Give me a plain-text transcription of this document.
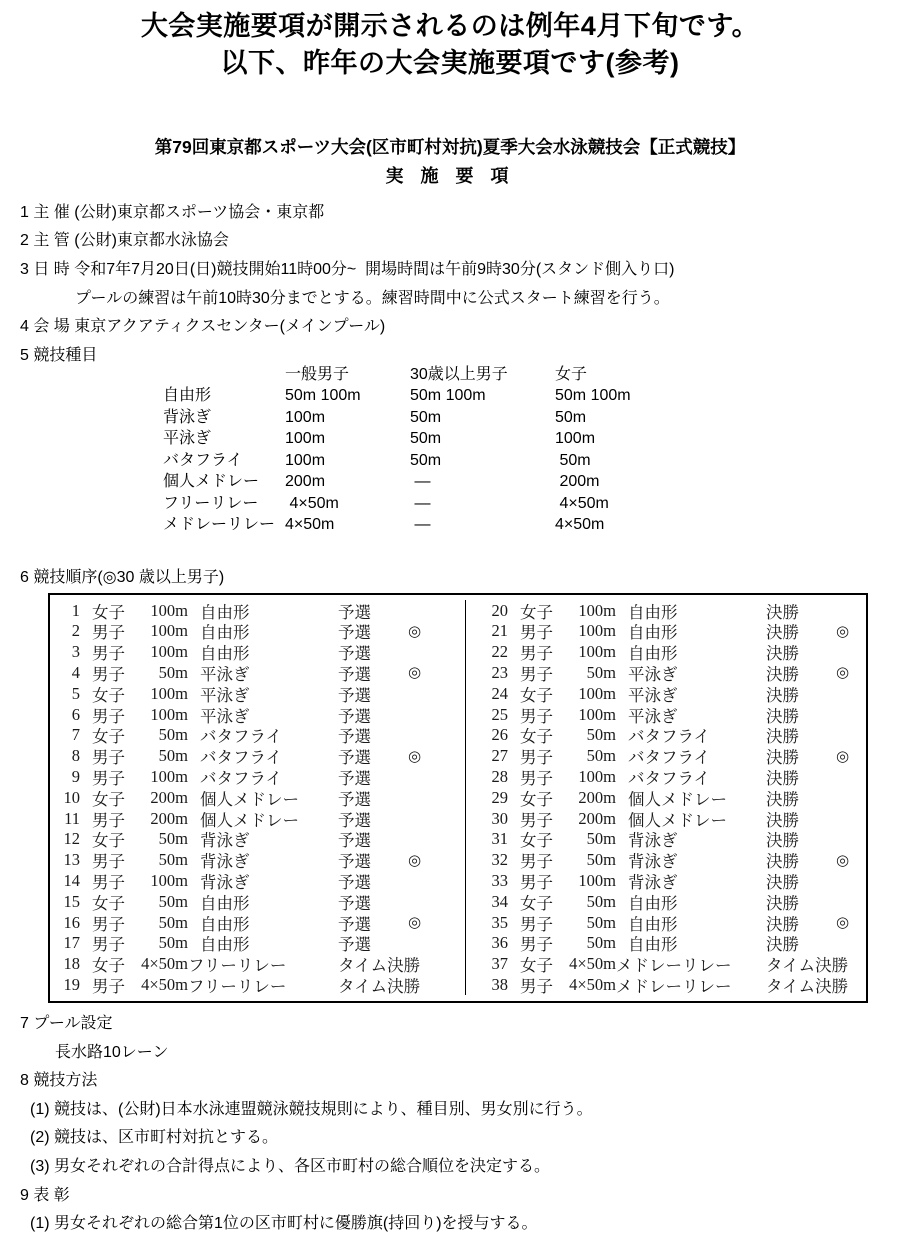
大会実施要項が開示されるのは例年4月下旬です。
以下、昨年の大会実施要項です(参考)
第79回東京都スポーツ大会(区市町村対抗)夏季大会水泳競技会【正式競技】
実 施 要 項
1 主 催 (公財)東京都スポーツ協会・東京都
2 主 管 (公財)東京都水泳協会
3 日 時 令和7年7月20日(日)競技開始11時00分~  開場時間は午前9時30分(スタンド側入り口)
プールの練習は午前10時30分までとする。練習時間中に公式スタート練習を行う。
4 会 場 東京アクアティクスセンター(メインプール)
5 競技種目
一般男子	30歳以上男子	女子
自由形	50m 100m	50m 100m	50m 100m
背泳ぎ	100m	50m	50m
平泳ぎ	100m	50m	100m
バタフライ	100m	50m	50m
個人メドレー	200m	―	200m
フリーリレー	4×50m	―	4×50m
メドレーリレー 4×50m	―	4×50m
6 競技順序(◎30 歳以上男子)
1 女子	100m 自由形	予選
2 男子	100m 自由形	予選	◎
3 男子	100m 自由形	予選
4 男子	50m 平泳ぎ	予選	◎
5 女子	100m 平泳ぎ	予選
6 男子	100m 平泳ぎ	予選
7 女子	50m バタフライ	予選
8 男子	50m バタフライ	予選	◎
9 男子	100m バタフライ	予選
10 女子	200m 個人メドレー	予選
11 男子	200m 個人メドレー	予選
12 女子	50m 背泳ぎ	予選
13 男子	50m 背泳ぎ	予選	◎
14 男子	100m 背泳ぎ	予選
15 女子	50m 自由形	予選
16 男子	50m 自由形	予選	◎
17 男子	50m 自由形	予選
18 女子 4×50m フリーリレー	タイム決勝
19 男子 4×50m フリーリレー	タイム決勝
20 女子	100m 自由形	決勝
21 男子	100m 自由形	決勝	◎
22 男子	100m 自由形	決勝
23 男子	50m 平泳ぎ	決勝	◎
24 女子	100m 平泳ぎ	決勝
25 男子	100m 平泳ぎ	決勝
26 女子	50m バタフライ	決勝
27 男子	50m バタフライ	決勝	◎
28 男子	100m バタフライ	決勝
29 女子	200m 個人メドレー	決勝
30 男子	200m 個人メドレー	決勝
31 女子	50m 背泳ぎ	決勝
32 男子	50m 背泳ぎ	決勝	◎
33 男子	100m 背泳ぎ	決勝
34 女子	50m 自由形	決勝
35 男子	50m 自由形	決勝	◎
36 男子	50m 自由形	決勝
37 女子 4×50m メドレーリレー	タイム決勝
38 男子 4×50m メドレーリレー	タイム決勝
7 プール設定
長水路10レーン
8 競技方法
(1) 競技は、(公財)日本水泳連盟競泳競技規則により、種目別、男女別に行う。
(2) 競技は、区市町村対抗とする。
(3) 男女それぞれの合計得点により、各区市町村の総合順位を決定する。
9 表 彰
(1) 男女それぞれの総合第1位の区市町村に優勝旗(持回り)を授与する。
